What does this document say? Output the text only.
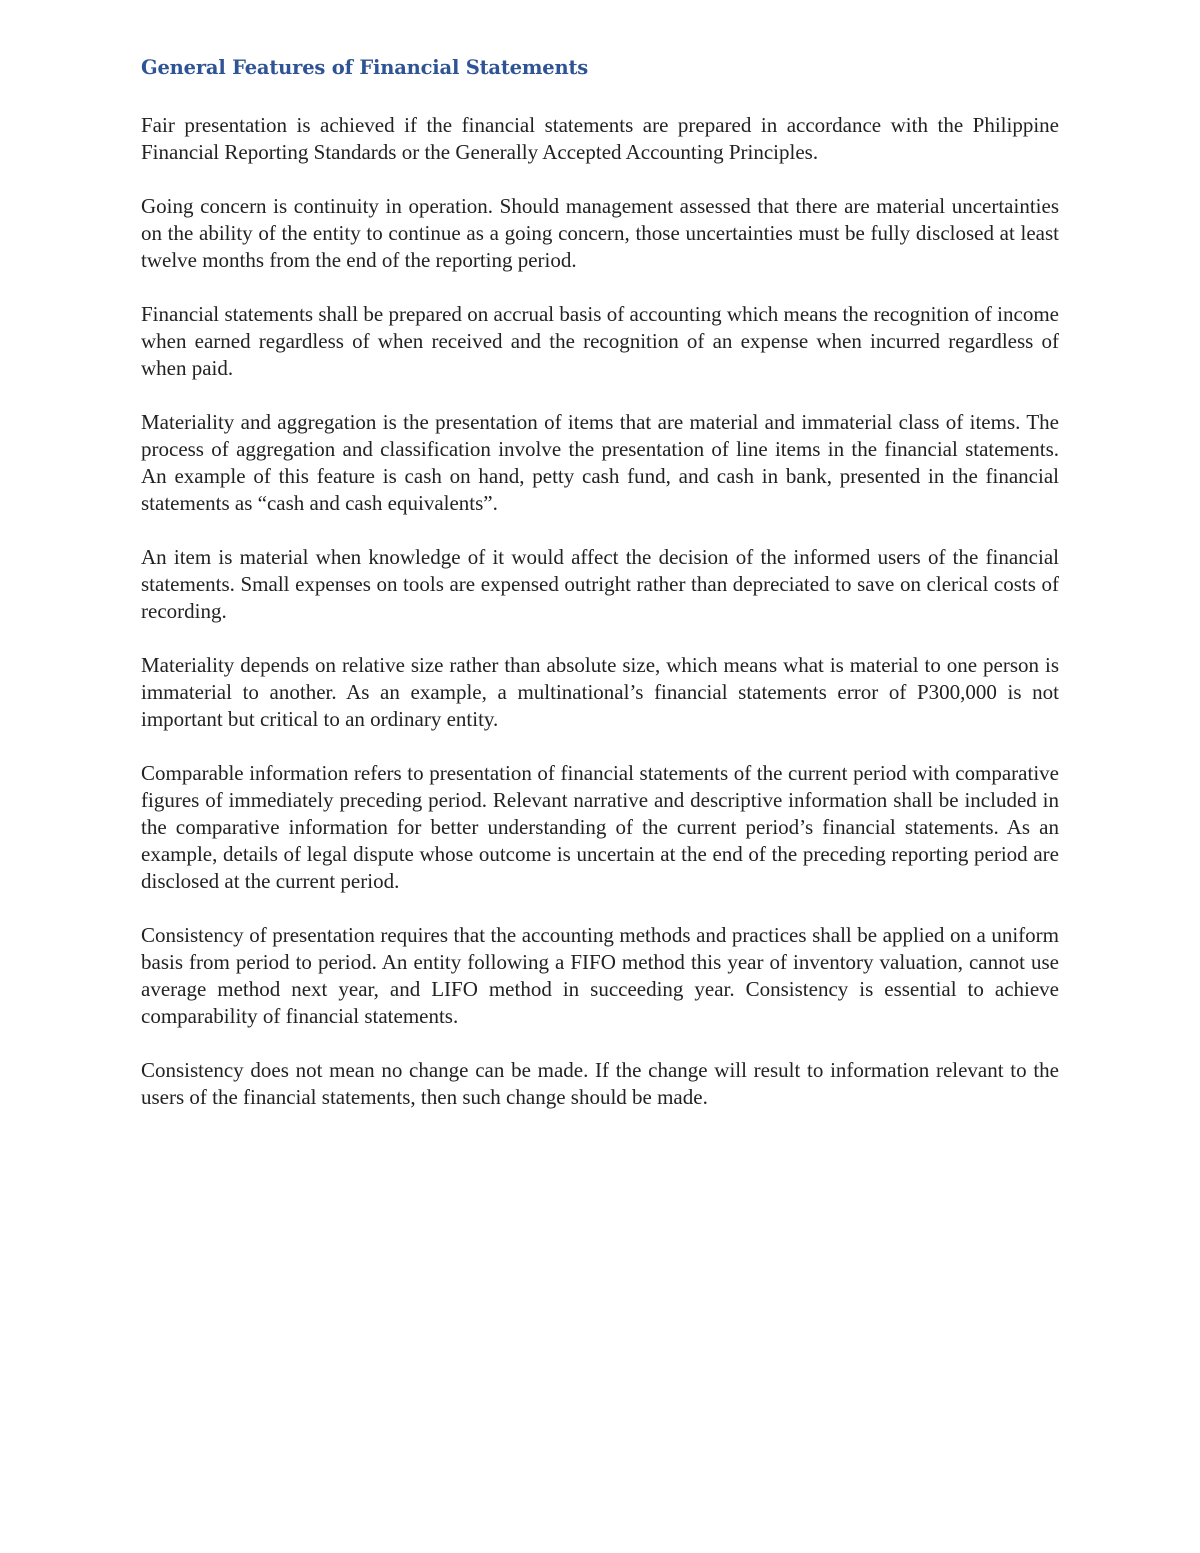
General Features of Financial Statements

Fair presentation is achieved if the financial statements are prepared in accordance with the Philippine Financial Reporting Standards or the Generally Accepted Accounting Principles.

Going concern is continuity in operation. Should management assessed that there are material uncertainties on the ability of the entity to continue as a going concern, those uncertainties must be fully disclosed at least twelve months from the end of the reporting period.

Financial statements shall be prepared on accrual basis of accounting which means the recognition of income when earned regardless of when received and the recognition of an expense when incurred regardless of when paid.

Materiality and aggregation is the presentation of items that are material and immaterial class of items. The process of aggregation and classification involve the presentation of line items in the financial statements. An example of this feature is cash on hand, petty cash fund, and cash in bank, presented in the financial statements as “cash and cash equivalents”.

An item is material when knowledge of it would affect the decision of the informed users of the financial statements. Small expenses on tools are expensed outright rather than depreciated to save on clerical costs of recording.

Materiality depends on relative size rather than absolute size, which means what is material to one person is immaterial to another. As an example, a multinational’s financial statements error of P300,000 is not important but critical to an ordinary entity.

Comparable information refers to presentation of financial statements of the current period with comparative figures of immediately preceding period. Relevant narrative and descriptive information shall be included in the comparative information for better understanding of the current period’s financial statements. As an example, details of legal dispute whose outcome is uncertain at the end of the preceding reporting period are disclosed at the current period.

Consistency of presentation requires that the accounting methods and practices shall be applied on a uniform basis from period to period. An entity following a FIFO method this year of inventory valuation, cannot use average method next year, and LIFO method in succeeding year. Consistency is essential to achieve comparability of financial statements.

Consistency does not mean no change can be made. If the change will result to information relevant to the users of the financial statements, then such change should be made.
